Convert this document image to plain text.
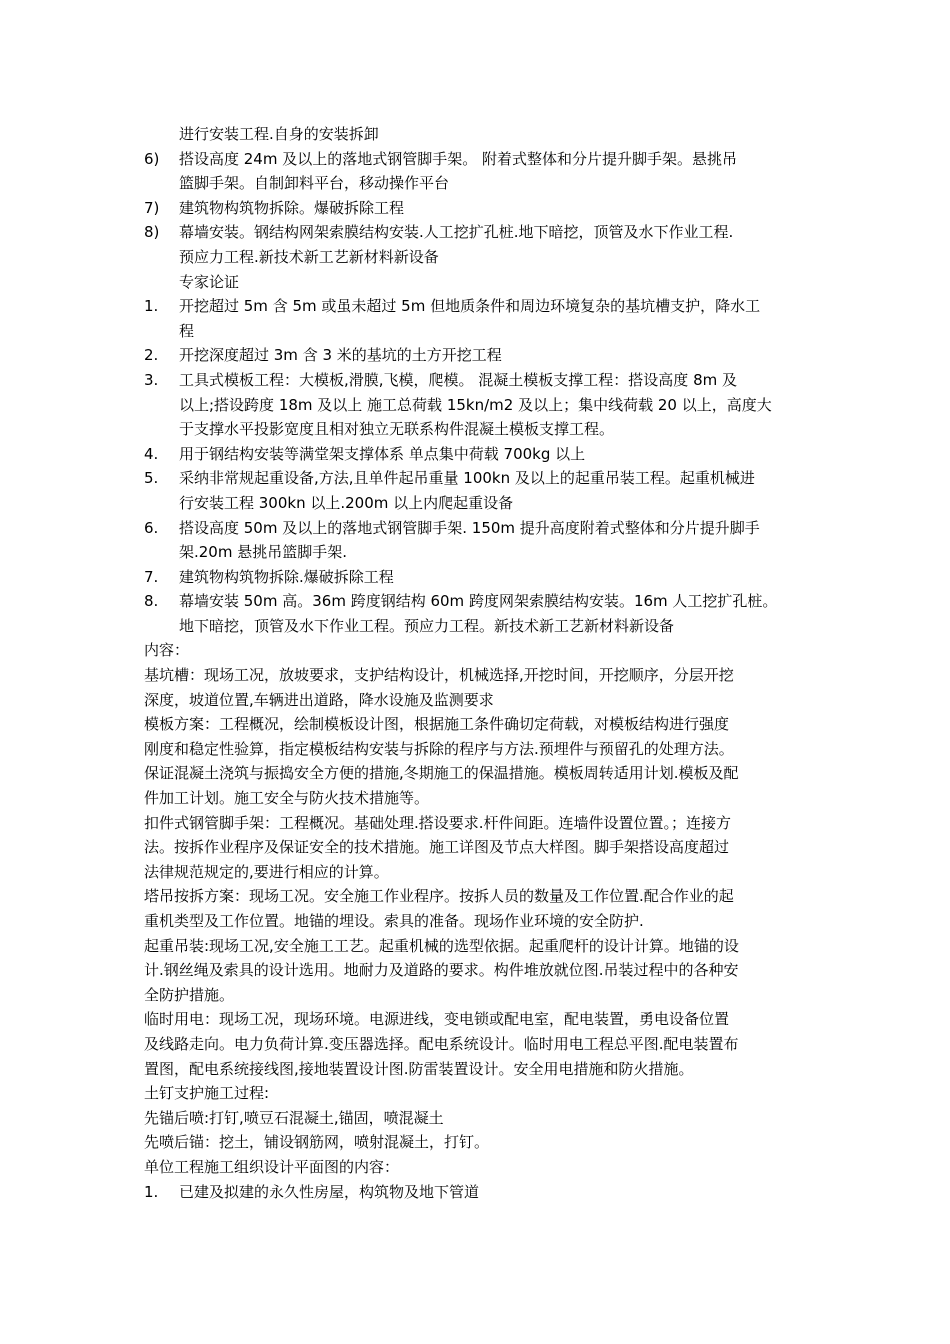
进行安装工程.自身的安装拆卸
6) 搭设高度 24m 及以上的落地式钢管脚手架。 附着式整体和分片提升脚手架。悬挑吊
篮脚手架。自制卸料平台，移动操作平台
7) 建筑物构筑物拆除。爆破拆除工程
8) 幕墙安装。钢结构网架索膜结构安装.人工挖扩孔桩.地下暗挖，顶管及水下作业工程.
预应力工程.新技术新工艺新材料新设备
专家论证
1. 开挖超过 5m 含 5m 或虽未超过 5m 但地质条件和周边环境复杂的基坑槽支护，降水工
程
2. 开挖深度超过 3m 含 3 米的基坑的土方开挖工程
3. 工具式模板工程：大模板,滑膜,飞模，爬模。 混凝土模板支撑工程：搭设高度 8m 及
以上;搭设跨度 18m 及以上 施工总荷载 15kn/m2 及以上；集中线荷载 20 以上，高度大
于支撑水平投影宽度且相对独立无联系构件混凝土模板支撑工程。
4. 用于钢结构安装等满堂架支撑体系 单点集中荷载 700kg 以上
5. 采纳非常规起重设备,方法,且单件起吊重量 100kn 及以上的起重吊装工程。起重机械进
行安装工程 300kn 以上.200m 以上内爬起重设备
6. 搭设高度 50m 及以上的落地式钢管脚手架. 150m 提升高度附着式整体和分片提升脚手
架.20m 悬挑吊篮脚手架.
7. 建筑物构筑物拆除.爆破拆除工程
8. 幕墙安装 50m 高。36m 跨度钢结构 60m 跨度网架索膜结构安装。16m 人工挖扩孔桩。
地下暗挖，顶管及水下作业工程。预应力工程。新技术新工艺新材料新设备
内容：
基坑槽：现场工况，放坡要求，支护结构设计，机械选择,开挖时间，开挖顺序，分层开挖
深度，坡道位置,车辆进出道路，降水设施及监测要求
模板方案：工程概况，绘制模板设计图，根据施工条件确切定荷载，对模板结构进行强度
刚度和稳定性验算，指定模板结构安装与拆除的程序与方法.预埋件与预留孔的处理方法。
保证混凝土浇筑与振捣安全方便的措施,冬期施工的保温措施。模板周转适用计划.模板及配
件加工计划。施工安全与防火技术措施等。
扣件式钢管脚手架：工程概况。基础处理.搭设要求.杆件间距。连墙件设置位置。；连接方
法。按拆作业程序及保证安全的技术措施。施工详图及节点大样图。脚手架搭设高度超过
法律规范规定的,要进行相应的计算。
塔吊按拆方案：现场工况。安全施工作业程序。按拆人员的数量及工作位置.配合作业的起
重机类型及工作位置。地锚的埋设。索具的准备。现场作业环境的安全防护.
起重吊装:现场工况,安全施工工艺。起重机械的选型依据。起重爬杆的设计计算。地锚的设
计.钢丝绳及索具的设计选用。地耐力及道路的要求。构件堆放就位图.吊装过程中的各种安
全防护措施。
临时用电：现场工况，现场环境。电源进线，变电锁或配电室，配电装置，勇电设备位置
及线路走向。电力负荷计算.变压器选择。配电系统设计。临时用电工程总平图.配电装置布
置图，配电系统接线图,接地装置设计图.防雷装置设计。安全用电措施和防火措施。
土钉支护施工过程:
先锚后喷:打钉,喷豆石混凝土,锚固，喷混凝土
先喷后锚：挖土，铺设钢筋网，喷射混凝土，打钉。
单位工程施工组织设计平面图的内容：
1. 已建及拟建的永久性房屋，构筑物及地下管道
